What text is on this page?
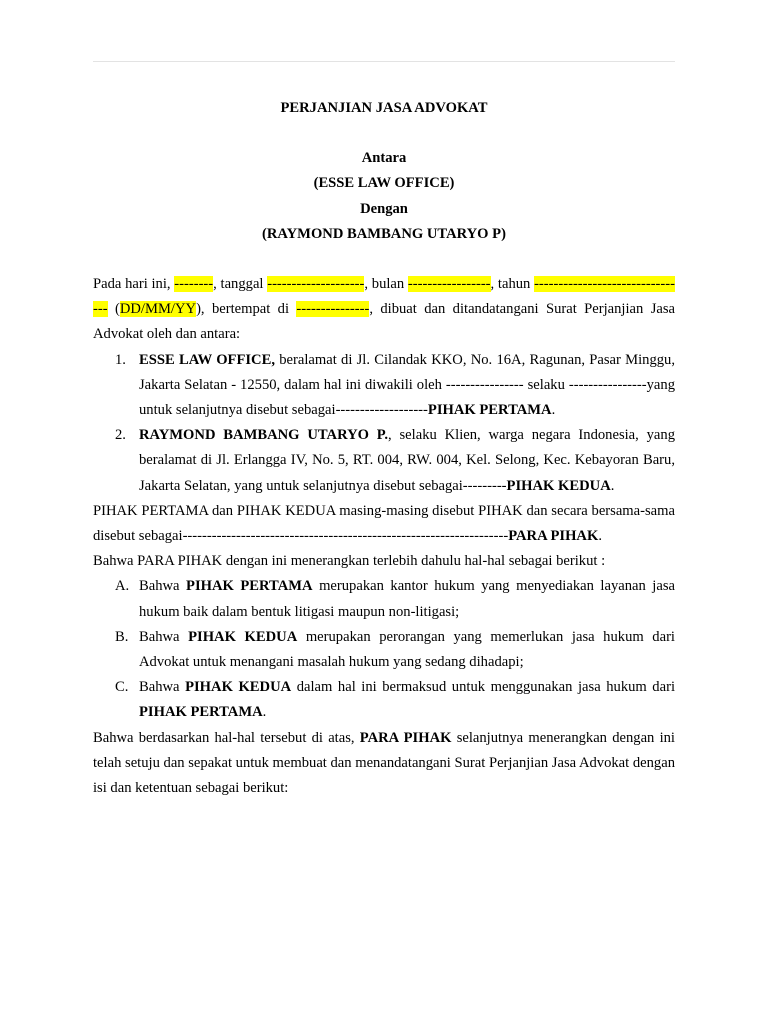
PERJANJIAN JASA ADVOKAT
Antara
(ESSE LAW OFFICE)
Dengan
(RAYMOND BAMBANG UTARYO P)
Pada hari ini, --------, tanggal --------------------, bulan -----------------, tahun -------------------------------- (DD/MM/YY), bertempat di ---------------, dibuat dan ditandatangani Surat Perjanjian Jasa Advokat oleh dan antara:
1. ESSE LAW OFFICE, beralamat di Jl. Cilandak KKO, No. 16A, Ragunan, Pasar Minggu, Jakarta Selatan - 12550, dalam hal ini diwakili oleh ---------------- selaku ----------------yang untuk selanjutnya disebut sebagai-------------------PIHAK PERTAMA.
2. RAYMOND BAMBANG UTARYO P., selaku Klien, warga negara Indonesia, yang beralamat di Jl. Erlangga IV, No. 5, RT. 004, RW. 004, Kel. Selong, Kec. Kebayoran Baru, Jakarta Selatan, yang untuk selanjutnya disebut sebagai---------PIHAK KEDUA.
PIHAK PERTAMA dan PIHAK KEDUA masing-masing disebut PIHAK dan secara bersama-sama disebut sebagai-------------------------------------------------------------------PARA PIHAK.
Bahwa PARA PIHAK dengan ini menerangkan terlebih dahulu hal-hal sebagai berikut :
A. Bahwa PIHAK PERTAMA merupakan kantor hukum yang menyediakan layanan jasa hukum baik dalam bentuk litigasi maupun non-litigasi;
B. Bahwa PIHAK KEDUA merupakan perorangan yang memerlukan jasa hukum dari Advokat untuk menangani masalah hukum yang sedang dihadapi;
C. Bahwa PIHAK KEDUA dalam hal ini bermaksud untuk menggunakan jasa hukum dari PIHAK PERTAMA.
Bahwa berdasarkan hal-hal tersebut di atas, PARA PIHAK selanjutnya menerangkan dengan ini telah setuju dan sepakat untuk membuat dan menandatangani Surat Perjanjian Jasa Advokat dengan isi dan ketentuan sebagai berikut:
